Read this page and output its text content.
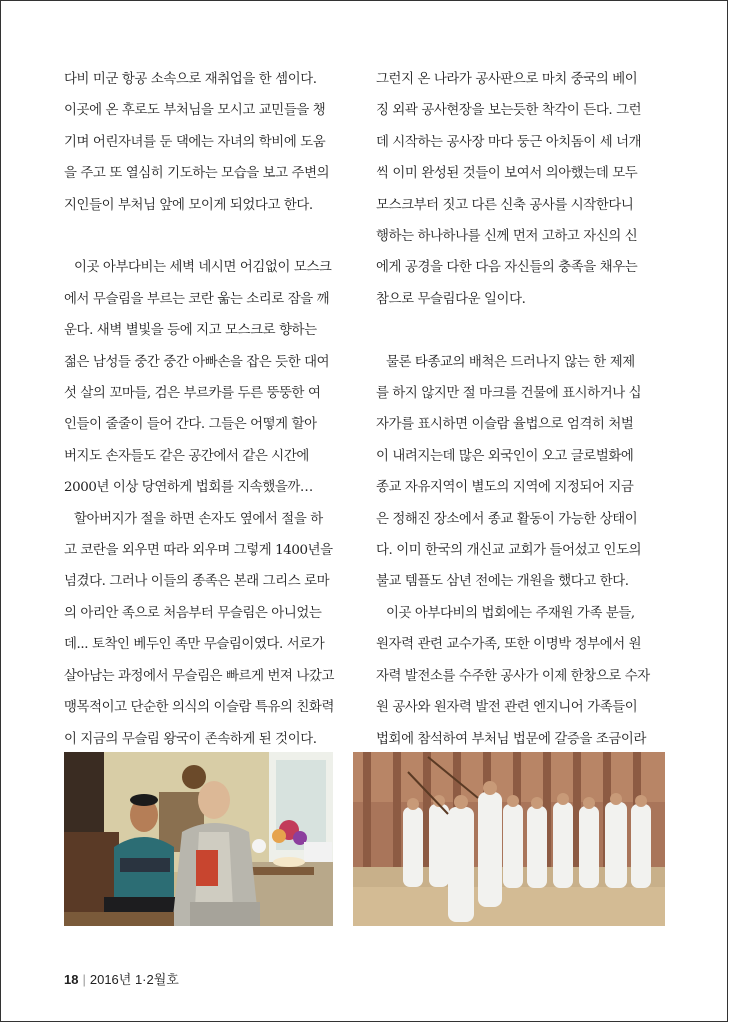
다비 미군 항공 소속으로 재취업을 한 셈이다.
이곳에 온 후로도 부처님을 모시고 교민들을 챙
기며 어린자녀를 둔 댁에는 자녀의 학비에 도움
을 주고 또 열심히 기도하는 모습을 보고 주변의
지인들이 부처님 앞에 모이게 되었다고 한다.

이곳 아부다비는 세벽 네시면 어김없이 모스크
에서 무슬림을 부르는 코란 욺는 소리로 잠을 깨
운다. 새벽 별빛을 등에 지고 모스크로 향하는
젊은 남성들 중간 중간 아빠손을 잡은 듯한 대여
섯 살의 꼬마들, 검은 부르카를 두른 뚱뚱한 여
인들이 줄줄이 들어 간다. 그들은 어떻게 할아
버지도 손자들도 같은 공간에서 같은 시간에
2000년 이상 당연하게 법회를 지속했을까…
할아버지가 절을 하면 손자도 옆에서 절을 하
고 코란을 외우면 따라 외우며 그렇게 1400년을
넘겼다. 그러나 이들의 종족은 본래 그리스 로마
의 아리안 족으로 처음부터 무슬림은 아니었는
데... 토착인 베두인 족만 무슬림이였다. 서로가
살아남는 과정에서 무슬림은 빠르게 번져 나갔고
맹목적이고 단순한 의식의 이슬람 특유의 친화력
이 지금의 무슬림 왕국이 존속하게 된 것이다.

그런지 온 나라가 공사판으로 마치 중국의 베이
징 외곽 공사현장을 보는듯한 착각이 든다. 그런
데 시작하는 공사장 마다 둥근 아치돔이 세 너개
씩 이미 완성된 것들이 보여서 의아했는데 모두
모스크부터 짓고 다른 신축 공사를 시작한다니
행하는 하나하나를 신께 먼저 고하고 자신의 신
에게 공경을 다한 다음 자신들의 충족을 채우는
참으로 무슬림다운 일이다.

물론 타종교의 배척은 드러나지 않는 한 제제
를 하지 않지만 절 마크를 건물에 표시하거나 십
자가를 표시하면 이슬람 율법으로 엄격히 처벌
이 내려지는데 많은 외국인이 오고 글로벌화에
종교 자유지역이 별도의 지역에 지정되어 지금
은 정해진 장소에서 종교 활동이 가능한 상태이
다. 이미 한국의 개신교 교회가 들어섰고 인도의
불교 템플도 삼년 전에는 개원을 했다고 한다.
이곳 아부다비의 법회에는 주재원 가족 분들,
원자력 관련 교수가족, 또한 이명박 정부에서 원
자력 발전소를 수주한 공사가 이제 한창으로 수자
원 공사와 원자력 발전 관련 엔지니어 가족들이
법회에 참석하여 부처님 법문에 갈증을 조금이라

18 | 2016년 1·2월호
